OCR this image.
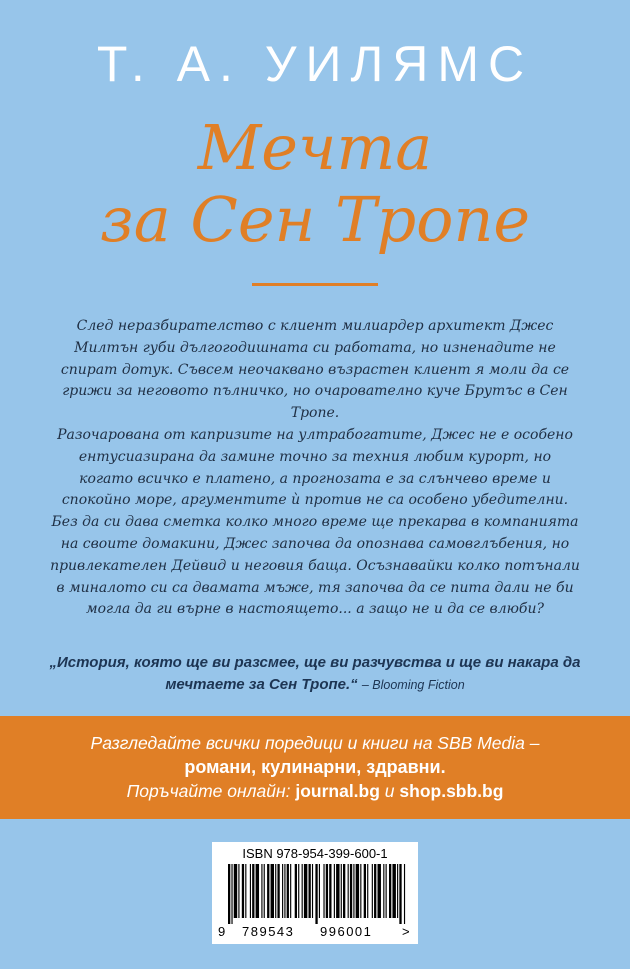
Т. А. УИЛЯМС
Мечта
за Сен Тропе

След неразбирателство с клиент милиардер архитект Джес Милтън губи дългогодишната си работата, но изненадите не спират дотук. Съвсем неочаквано възрастен клиент я моли да се грижи за неговото пълничко, но очарователно куче Брутъс в Сен Тропе.

Разочарована от капризите на ултрабогатите, Джес не е особено ентусиазирана да замине точно за техния любим курорт, но когато всичко е платено, а прогнозата е за слънчево време и спокойно море, аргументите ѝ против не са особено убедителни.

Без да си дава сметка колко много време ще прекарва в компанията на своите домакини, Джес започва да опознава самовглъбения, но привлекателен Дейвид и неговия баща. Осъзнавайки колко потънали в миналото си са двамата мъже, тя започва да се пита дали не би могла да ги върне в настоящето... а защо не и да се влюби?

„История, която ще ви разсмее, ще ви разчувства и ще ви накара да мечтаете за Сен Тропе.“ – Blooming Fiction
Разгледайте всички поредици и книги на SBB Media –
романи, кулинарни, здравни.
Поръчайте онлайн: journal.bg и shop.sbb.bg
ISBN 978-954-399-600-1
9 789543 996001 >
